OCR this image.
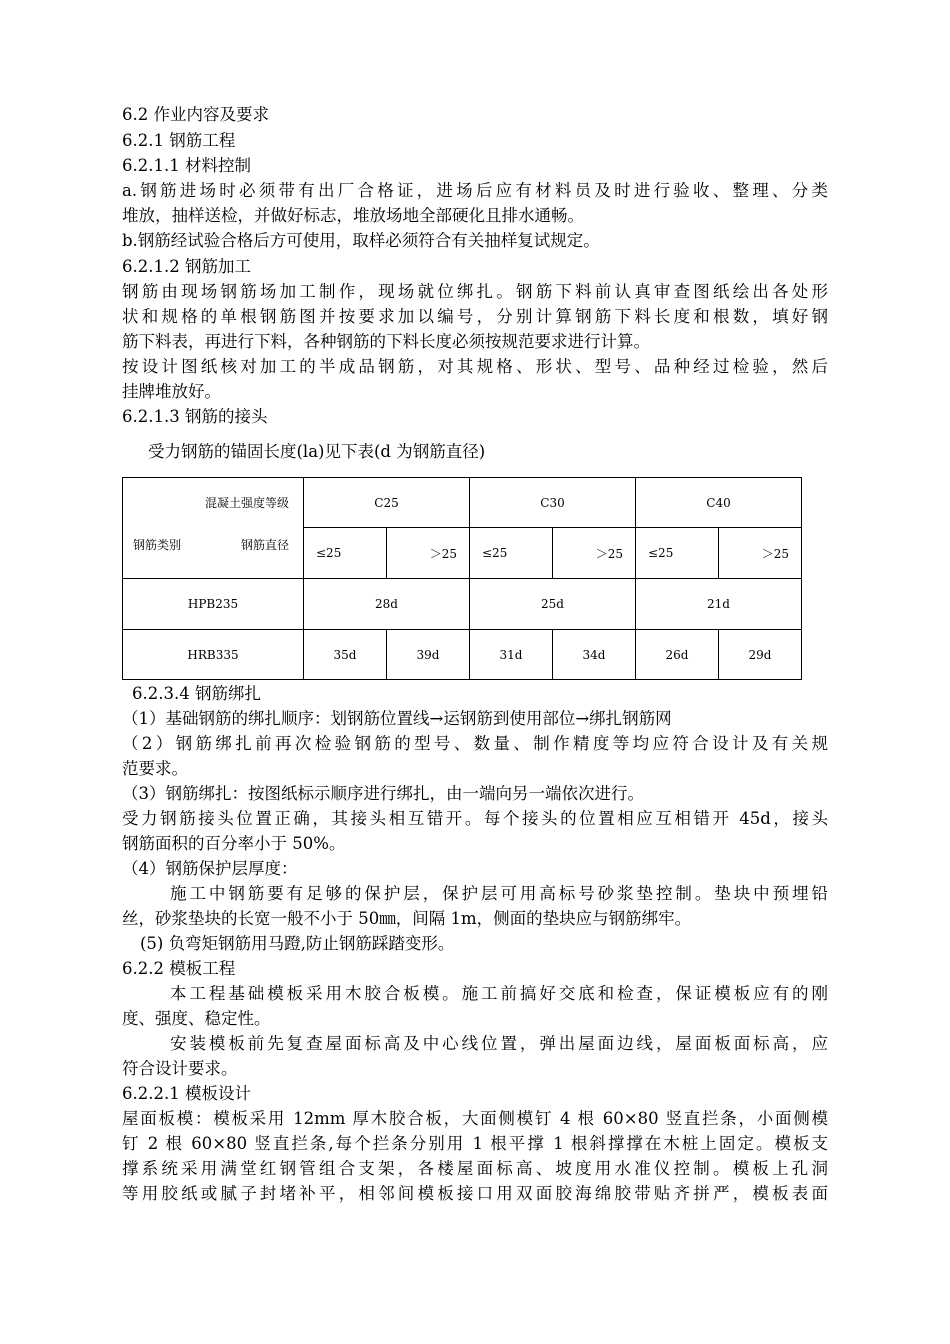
6.2 作业内容及要求
6.2.1 钢筋工程
6.2.1.1 材料控制
a.钢筋进场时必须带有出厂合格证，进场后应有材料员及时进行验收、整理、分类
堆放，抽样送检，并做好标志，堆放场地全部硬化且排水通畅。
b.钢筋经试验合格后方可使用，取样必须符合有关抽样复试规定。
6.2.1.2 钢筋加工
钢筋由现场钢筋场加工制作，现场就位绑扎。钢筋下料前认真审查图纸绘出各处形
状和规格的单根钢筋图并按要求加以编号，分别计算钢筋下料长度和根数，填好钢
筋下料表，再进行下料，各种钢筋的下料长度必须按规范要求进行计算。
按设计图纸核对加工的半成品钢筋，对其规格、形状、型号、品种经过检验，然后
挂牌堆放好。
6.2.1.3 钢筋的接头
受力钢筋的锚固长度(la)见下表(d 为钢筋直径)
混凝土强度等级
钢筋类别 钢筋直径	C25		C30		C40	
	≤25	＞25	≤25	＞25	≤25	＞25
HPB235	28d		25d		21d	
HRB335	35d	39d	31d	34d	26d	29d
6.2.3.4 钢筋绑扎
（1）基础钢筋的绑扎顺序：划钢筋位置线→运钢筋到使用部位→绑扎钢筋网
（2）钢筋绑扎前再次检验钢筋的型号、数量、制作精度等均应符合设计及有关规
范要求。
（3）钢筋绑扎：按图纸标示顺序进行绑扎，由一端向另一端依次进行。
受力钢筋接头位置正确，其接头相互错开。每个接头的位置相应互相错开 45d，接头
钢筋面积的百分率小于 50%。
（4）钢筋保护层厚度：
施工中钢筋要有足够的保护层，保护层可用高标号砂浆垫控制。垫块中预埋铅
丝，砂浆垫块的长宽一般不小于 50㎜，间隔 1m，侧面的垫块应与钢筋绑牢。
(5) 负弯矩钢筋用马蹬,防止钢筋踩踏变形。
6.2.2 模板工程
本工程基础模板采用木胶合板模。施工前搞好交底和检查，保证模板应有的刚
度、强度、稳定性。
安装模板前先复查屋面标高及中心线位置，弹出屋面边线，屋面板面标高，应
符合设计要求。
6.2.2.1 模板设计
屋面板模：模板采用 12mm 厚木胶合板，大面侧模钉 4 根 60×80 竖直拦条，小面侧模
钉 2 根 60×80 竖直拦条,每个拦条分别用 1 根平撑 1 根斜撑撑在木桩上固定。模板支
撑系统采用满堂红钢管组合支架，各楼屋面标高、坡度用水准仪控制。模板上孔洞
等用胶纸或腻子封堵补平，相邻间模板接口用双面胶海绵胶带贴齐拼严，模板表面
